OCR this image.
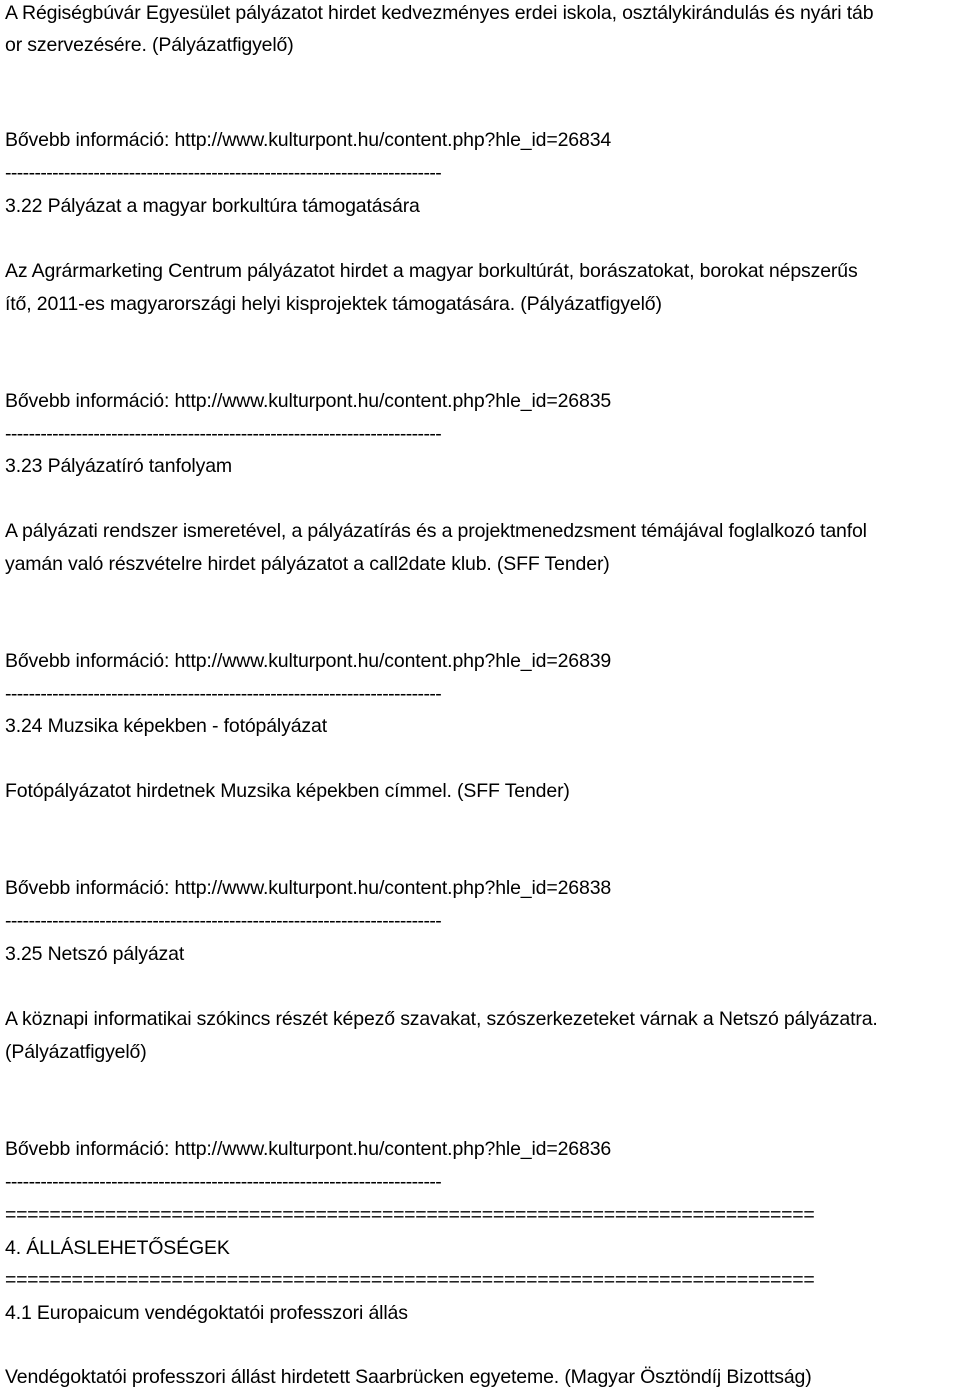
A Régiségbúvár Egyesület pályázatot hirdet kedvezményes erdei iskola, osztálykirándulás és nyári táb
or szervezésére. (Pályázatfigyelő)
Bővebb információ: http://www.kulturpont.hu/content.php?hle_id=26834
--------------------------------------------------------------------------
3.22 Pályázat a magyar borkultúra támogatására
Az Agrármarketing Centrum pályázatot hirdet a magyar borkultúrát, borászatokat, borokat népszerűs
ítő, 2011-es magyarországi helyi kisprojektek támogatására. (Pályázatfigyelő)
Bővebb információ: http://www.kulturpont.hu/content.php?hle_id=26835
--------------------------------------------------------------------------
3.23 Pályázatíró tanfolyam
A pályázati rendszer ismeretével, a pályázatírás és a projektmenedzsment témájával foglalkozó tanfol
yamán való részvételre hirdet pályázatot a call2date klub. (SFF Tender)
Bővebb információ: http://www.kulturpont.hu/content.php?hle_id=26839
--------------------------------------------------------------------------
3.24 Muzsika képekben - fotópályázat
Fotópályázatot hirdetnek Muzsika képekben címmel. (SFF Tender)
Bővebb információ: http://www.kulturpont.hu/content.php?hle_id=26838
--------------------------------------------------------------------------
3.25 Netszó pályázat
A köznapi informatikai szókincs részét képező szavakat, szószerkezeteket várnak a Netszó pályázatra.
(Pályázatfigyelő)
Bővebb információ: http://www.kulturpont.hu/content.php?hle_id=26836
--------------------------------------------------------------------------
=========================================================================
4. ÁLLÁSLEHETŐSÉGEK
=========================================================================
4.1 Europaicum vendégoktatói professzori állás
Vendégoktatói professzori állást hirdetett Saarbrücken egyeteme. (Magyar Ösztöndíj Bizottság)
